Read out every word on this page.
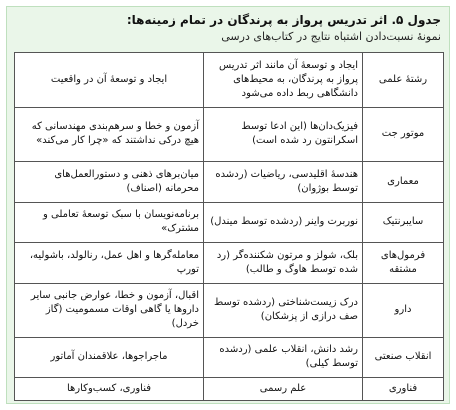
جدول ۵. اثر تدریس پرواز به پرندگان در تمام زمینه‌ها:
نمونهٔ نسبت‌دادن اشتباه نتایج در کتاب‌های درسی
رشتهٔ علمی	ایجاد و توسعهٔ آن مانند اثر تدریس پرواز به پرندگان، به محیط‌های دانشگاهی ربط داده می‌شود	ایجاد و توسعهٔ آن در واقعیت
موتور جت	فیزیک‌دان‌ها (این ادعا توسط اسکرانتون رد شده است)	آزمون و خطا و سرهم‌بندی مهندسانی که هیچ درکی نداشتند که «چرا کار می‌کند»
معماری	هندسهٔ اقلیدسی، ریاضیات (ردشده توسط بوژوان)	میان‌برهای ذهنی و دستورالعمل‌های محرمانه (اصناف)
سایبرنتیک	نوربرت واینر (ردشده توسط میندل)	برنامه‌نویسان با سبک توسعهٔ تعاملی و مشترک»
فرمول‌های مشتقه	بلک، شولز و مرتون شکننده‌گر (رد شده توسط هاوگ و طالب)	معامله‌گرها و اهل عمل، رنالولد، باشولیه، تورپ
دارو	درک زیست‌شناختی (ردشده توسط صف درازی از پزشکان)	اقبال، آزمون و خطا، عوارض جانبی سایر داروها یا گاهی اوقات مسمومیت (گاز خردل)
انقلاب صنعتی	رشد دانش، انقلاب علمی (ردشده توسط کیلی)	ماجراجوها، علاقمندان آماتور
فناوری	علم رسمی	فناوری، کسب‌وکارها
